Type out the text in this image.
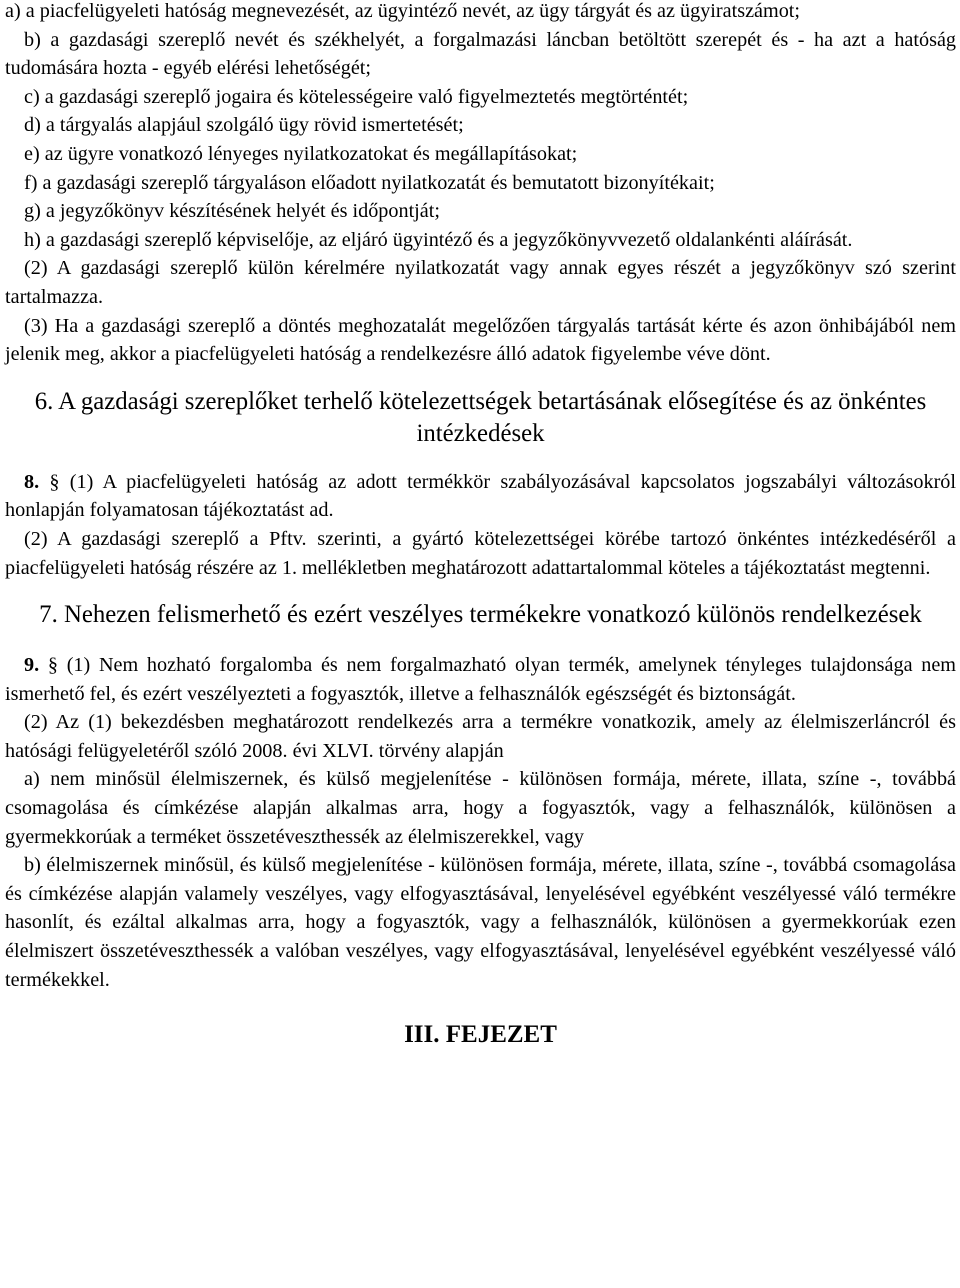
a) a piacfelügyeleti hatóság megnevezését, az ügyintéző nevét, az ügy tárgyát és az ügyiratszámot;

b) a gazdasági szereplő nevét és székhelyét, a forgalmazási láncban betöltött szerepét és - ha azt a hatóság tudomására hozta - egyéb elérési lehetőségét;

c) a gazdasági szereplő jogaira és kötelességeire való figyelmeztetés megtörténtét;

d) a tárgyalás alapjául szolgáló ügy rövid ismertetését;

e) az ügyre vonatkozó lényeges nyilatkozatokat és megállapításokat;

f) a gazdasági szereplő tárgyaláson előadott nyilatkozatát és bemutatott bizonyítékait;

g) a jegyzőkönyv készítésének helyét és időpontját;

h) a gazdasági szereplő képviselője, az eljáró ügyintéző és a jegyzőkönyvvezető oldalankénti aláírását.

(2) A gazdasági szereplő külön kérelmére nyilatkozatát vagy annak egyes részét a jegyzőkönyv szó szerint tartalmazza.

(3) Ha a gazdasági szereplő a döntés meghozatalát megelőzően tárgyalás tartását kérte és azon önhibájából nem jelenik meg, akkor a piacfelügyeleti hatóság a rendelkezésre álló adatok figyelembe véve dönt.

6. A gazdasági szereplőket terhelő kötelezettségek betartásának elősegítése és az önkéntes intézkedések

8. § (1) A piacfelügyeleti hatóság az adott termékkör szabályozásával kapcsolatos jogszabályi változásokról honlapján folyamatosan tájékoztatást ad.

(2) A gazdasági szereplő a Pftv. szerinti, a gyártó kötelezettségei körébe tartozó önkéntes intézkedéséről a piacfelügyeleti hatóság részére az 1. mellékletben meghatározott adattartalommal köteles a tájékoztatást megtenni.

7. Nehezen felismerhető és ezért veszélyes termékekre vonatkozó különös rendelkezések

9. § (1) Nem hozható forgalomba és nem forgalmazható olyan termék, amelynek tényleges tulajdonsága nem ismerhető fel, és ezért veszélyezteti a fogyasztók, illetve a felhasználók egészségét és biztonságát.

(2) Az (1) bekezdésben meghatározott rendelkezés arra a termékre vonatkozik, amely az élelmiszerláncról és hatósági felügyeletéről szóló 2008. évi XLVI. törvény alapján

a) nem minősül élelmiszernek, és külső megjelenítése - különösen formája, mérete, illata, színe -, továbbá csomagolása és címkézése alapján alkalmas arra, hogy a fogyasztók, vagy a felhasználók, különösen a gyermekkorúak a terméket összetéveszthessék az élelmiszerekkel, vagy

b) élelmiszernek minősül, és külső megjelenítése - különösen formája, mérete, illata, színe -, továbbá csomagolása és címkézése alapján valamely veszélyes, vagy elfogyasztásával, lenyelésével egyébként veszélyessé váló termékre hasonlít, és ezáltal alkalmas arra, hogy a fogyasztók, vagy a felhasználók, különösen a gyermekkorúak ezen élelmiszert összetéveszthessék a valóban veszélyes, vagy elfogyasztásával, lenyelésével egyébként veszélyessé váló termékekkel.

III. FEJEZET
